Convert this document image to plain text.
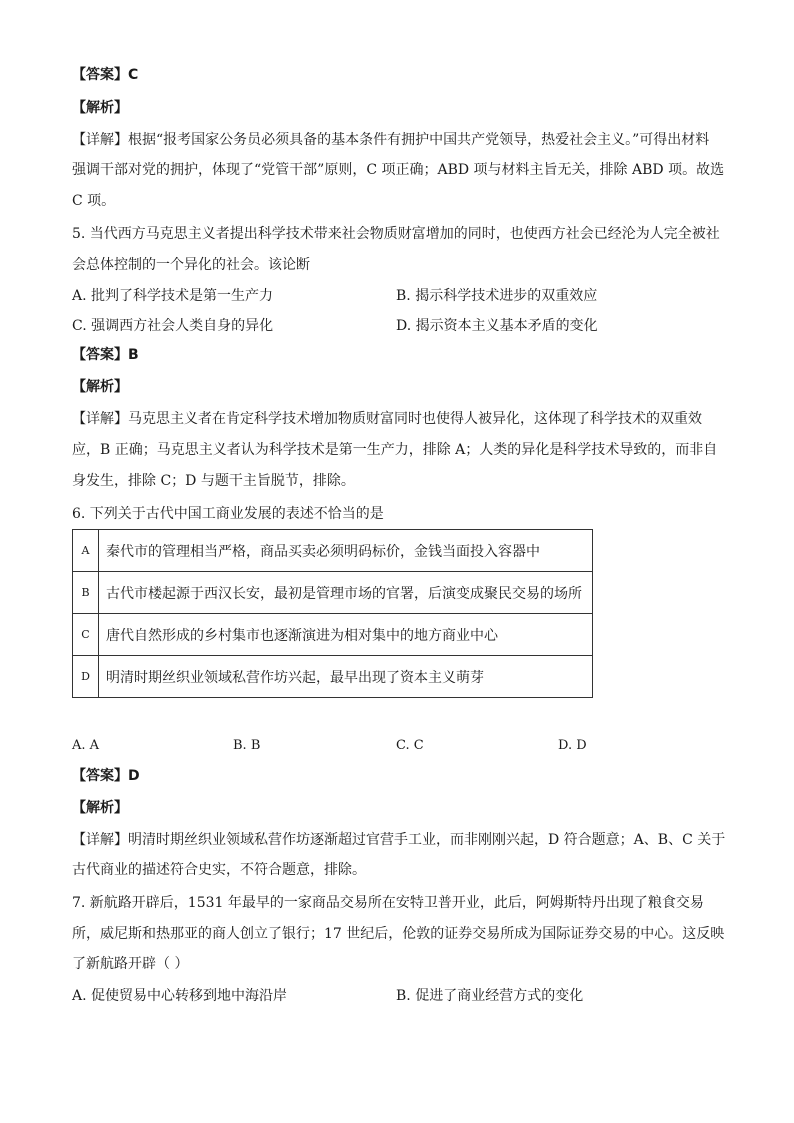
【答案】C
【解析】
【详解】根据“报考国家公务员必须具备的基本条件有拥护中国共产党领导，热爱社会主义。”可得出材料
强调干部对党的拥护，体现了“党管干部”原则，C 项正确；ABD 项与材料主旨无关，排除 ABD 项。故选
C 项。
5. 当代西方马克思主义者提出科学技术带来社会物质财富增加的同时，也使西方社会已经沦为人完全被社
会总体控制的一个异化的社会。该论断
A. 批判了科学技术是第一生产力	B. 揭示科学技术进步的双重效应
C. 强调西方社会人类自身的异化	D. 揭示资本主义基本矛盾的变化
【答案】B
【解析】
【详解】马克思主义者在肯定科学技术增加物质财富同时也使得人被异化，这体现了科学技术的双重效
应，B 正确；马克思主义者认为科学技术是第一生产力，排除 A；人类的异化是科学技术导致的，而非自
身发生，排除 C；D 与题干主旨脱节，排除。
6. 下列关于古代中国工商业发展的表述不恰当的是
A	秦代市的管理相当严格，商品买卖必须明码标价，金钱当面投入容器中
B	古代市楼起源于西汉长安，最初是管理市场的官署，后演变成聚民交易的场所
C	唐代自然形成的乡村集市也逐渐演进为相对集中的地方商业中心
D	明清时期丝织业领域私营作坊兴起，最早出现了资本主义萌芽
A. A	B. B	C. C	D. D
【答案】D
【解析】
【详解】明清时期丝织业领域私营作坊逐渐超过官营手工业，而非刚刚兴起，D 符合题意；A、B、C 关于
古代商业的描述符合史实，不符合题意，排除。
7. 新航路开辟后，1531 年最早的一家商品交易所在安特卫普开业，此后，阿姆斯特丹出现了粮食交易
所，威尼斯和热那亚的商人创立了银行；17 世纪后，伦敦的证券交易所成为国际证券交易的中心。这反映
了新航路开辟（ ）
A. 促使贸易中心转移到地中海沿岸	B. 促进了商业经营方式的变化
